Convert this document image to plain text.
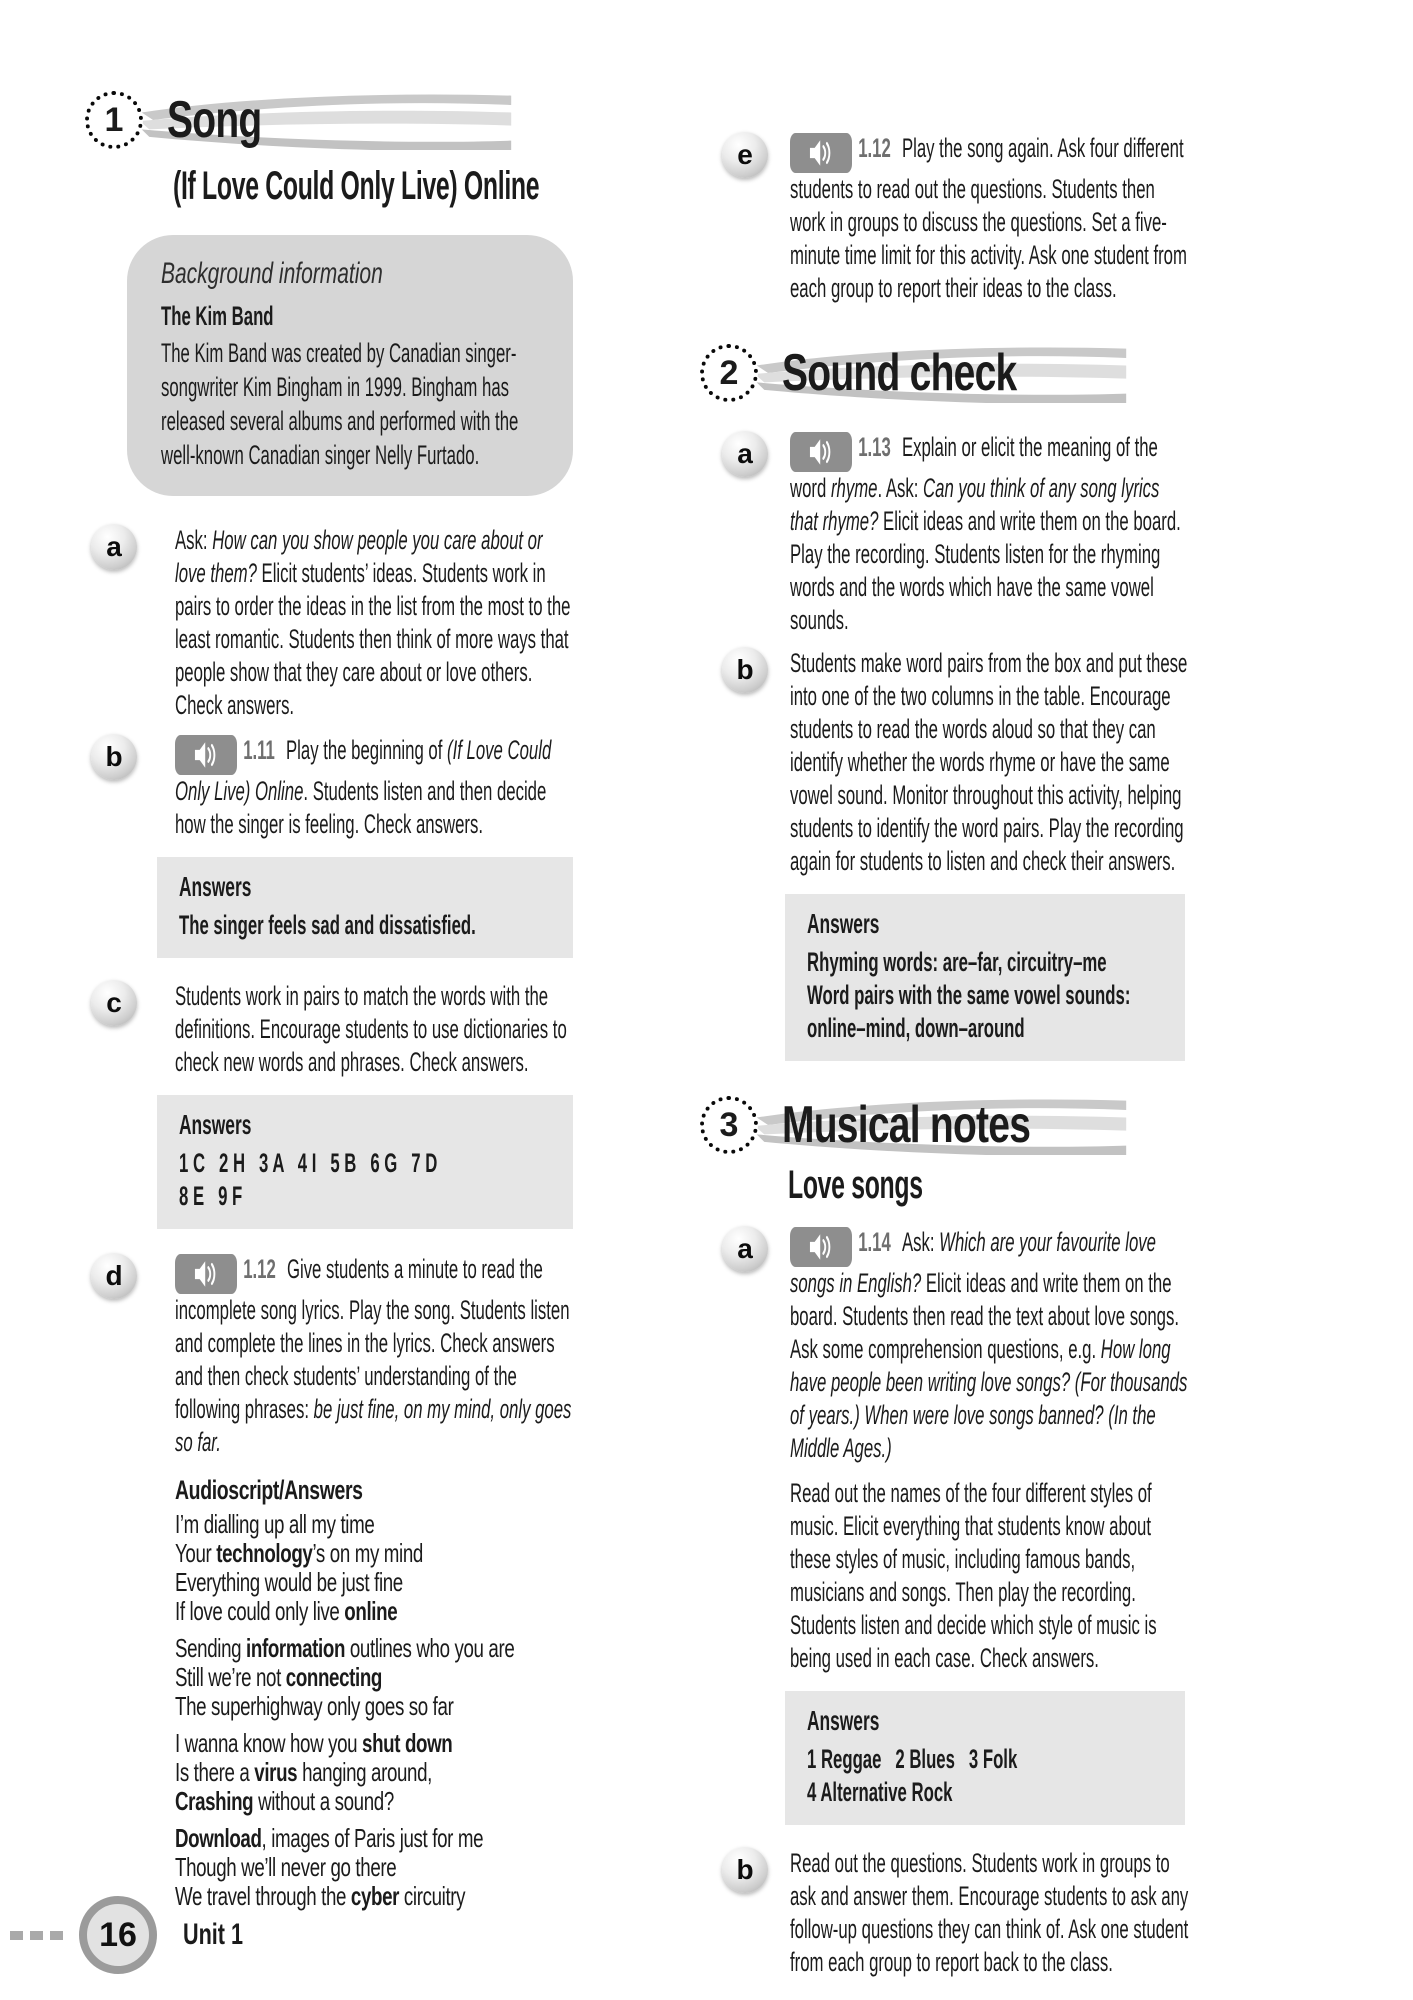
1 Song
(If Love Could Only Live) Online
Background information
The Kim Band
The Kim Band was created by Canadian singer-songwriter Kim Bingham in 1999. Bingham has released several albums and performed with the well-known Canadian singer Nelly Furtado.
a	Ask: How can you show people you care about or love them? Elicit students’ ideas. Students work in pairs to order the ideas in the list from the most to the least romantic. Students then think of more ways that people show that they care about or love others. Check answers.

b	1.11 Play the beginning of (If Love Could Only Live) Online. Students listen and then decide how the singer is feeling. Check answers.

Answers
The singer feels sad and dissatisfied.
c	Students work in pairs to match the words with the definitions. Encourage students to use dictionaries to check new words and phrases. Check answers.

Answers
1 C   2 H   3 A   4 I   5 B   6 G   7 D
8 E   9 F
d	1.12 Give students a minute to read the incomplete song lyrics. Play the song. Students listen and complete the lines in the lyrics. Check answers and then check students’ understanding of the following phrases: be just fine, on my mind, only goes so far.

Audioscript/Answers
I’m dialling up all my time
Your technology’s on my mind
Everything would be just fine
If love could only live online
Sending information outlines who you are
Still we’re not connecting
The superhighway only goes so far
I wanna know how you shut down
Is there a virus hanging around,
Crashing without a sound?
Download, images of Paris just for me
Though we’ll never go there
We travel through the cyber circuitry
e	1.12 Play the song again. Ask four different students to read out the questions. Students then work in groups to discuss the questions. Set a five-minute time limit for this activity. Ask one student from each group to report their ideas to the class.

2 Sound check
a	1.13 Explain or elicit the meaning of the word rhyme. Ask: Can you think of any song lyrics that rhyme? Elicit ideas and write them on the board. Play the recording. Students listen for the rhyming words and the words which have the same vowel sounds.

b	Students make word pairs from the box and put these into one of the two columns in the table. Encourage students to read the words aloud so that they can identify whether the words rhyme or have the same vowel sound. Monitor throughout this activity, helping students to identify the word pairs. Play the recording again for students to listen and check their answers.

Answers
Rhyming words: are–far, circuitry–me
Word pairs with the same vowel sounds:
online–mind, down–around
3 Musical notes
Love songs
a	1.14 Ask: Which are your favourite love songs in English? Elicit ideas and write them on the board. Students then read the text about love songs. Ask some comprehension questions, e.g. How long have people been writing love songs? (For thousands of years.) When were love songs banned? (In the Middle Ages.)

Read out the names of the four different styles of music. Elicit everything that students know about these styles of music, including famous bands, musicians and songs. Then play the recording. Students listen and decide which style of music is being used in each case. Check answers.

Answers
1 Reggae   2 Blues   3 Folk
4 Alternative Rock
b	Read out the questions. Students work in groups to ask and answer them. Encourage students to ask any follow-up questions they can think of. Ask one student from each group to report back to the class.

16	Unit 1
